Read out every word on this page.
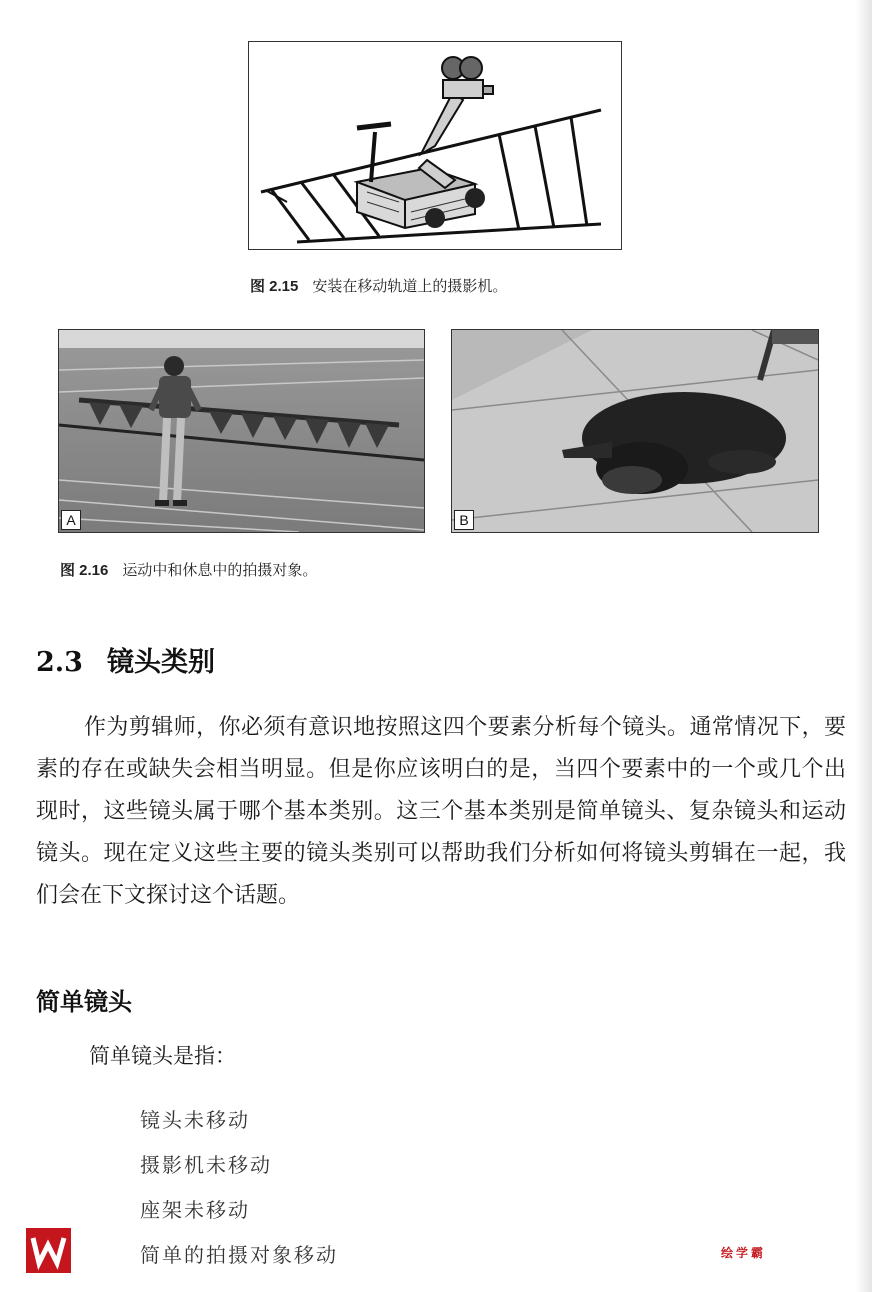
图 2.15 安装在移动轨道上的摄影机。
A	B
图 2.16 运动中和休息中的拍摄对象。
2.3 镜头类别
作为剪辑师，你必须有意识地按照这四个要素分析每个镜头。通常情况下，要素的存在或缺失会相当明显。但是你应该明白的是，当四个要素中的一个或几个出现时，这些镜头属于哪个基本类别。这三个基本类别是简单镜头、复杂镜头和运动镜头。现在定义这些主要的镜头类别可以帮助我们分析如何将镜头剪辑在一起，我们会在下文探讨这个话题。
简单镜头
简单镜头是指：
镜头未移动
摄影机未移动
座架未移动
简单的拍摄对象移动	绘学霸
